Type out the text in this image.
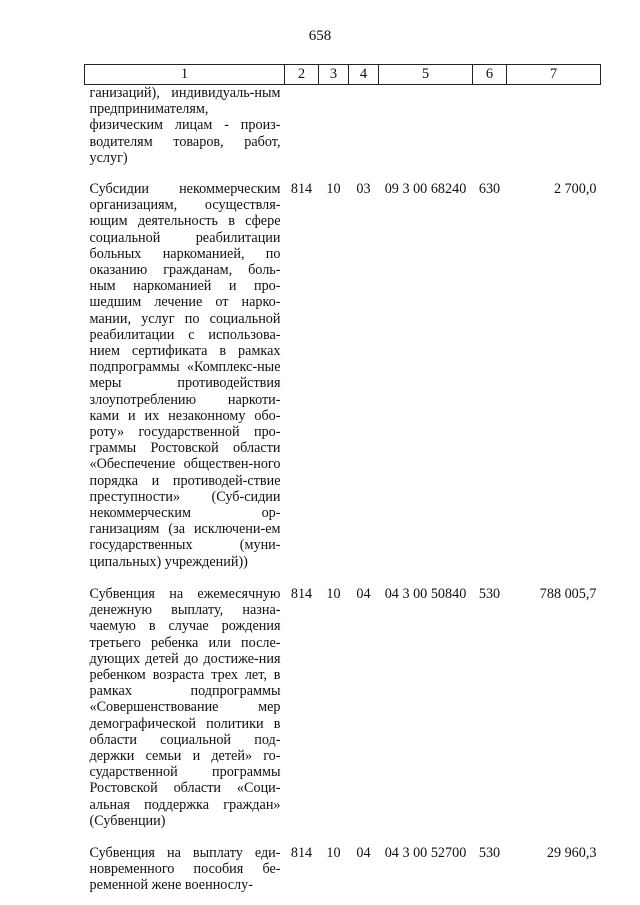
658
1	2	3	4	5	6	7
ганизаций), индивидуаль-ным предпринимателям, физическим лицам - произ-водителям товаров, работ, услуг)						
Субсидии некоммерческим организациям, осуществля-ющим деятельность в сфере социальной реабилитации больных наркоманией, по оказанию гражданам, боль-ным наркоманией и про-шедшим лечение от нарко-мании, услуг по социальной реабилитации с использова-нием сертификата в рамках подпрограммы «Комплекс-ные меры противодействия злоупотреблению наркоти-ками и их незаконному обо-роту» государственной про-граммы Ростовской области «Обеспечение обществен-ного порядка и противодей-ствие преступности» (Суб-сидии некоммерческим ор-ганизациям (за исключени-ем государственных (муни-ципальных) учреждений))	814	10	03	09 3 00 68240	630	2 700,0
Субвенция на ежемесячную денежную выплату, назна-чаемую в случае рождения третьего ребенка или после-дующих детей до достиже-ния ребенком возраста трех лет, в рамках подпрограммы «Совершенствование мер демографической политики в области социальной под-держки семьи и детей» го-сударственной программы Ростовской области «Соци-альная поддержка граждан» (Субвенции)	814	10	04	04 3 00 50840	530	788 005,7
Субвенция на выплату еди-новременного пособия бе-ременной жене военнослу-	814	10	04	04 3 00 52700	530	29 960,3
